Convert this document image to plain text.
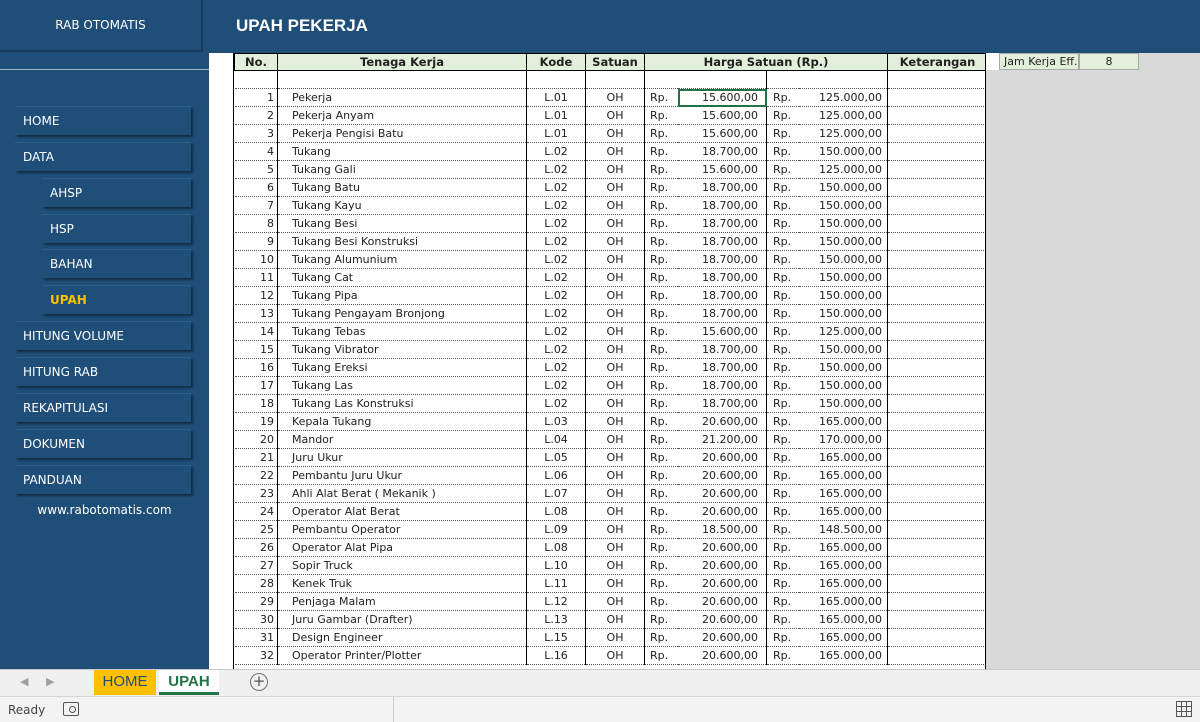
RAB OTOMATIS
HOME
DATA
AHSP
HSP
BAHAN
UPAH
HITUNG VOLUME
HITUNG RAB
REKAPITULASI
DOKUMEN
PANDUAN
www.rabotomatis.com
UPAH PEKERJA
Jam Kerja Eff.	8
No.	Tenaga Kerja	Kode	Satuan	Harga Satuan (Rp.)				Keterangan

1	Pekerja	L.01	OH	Rp.	15.600,00	Rp.	125.000,00	
2	Pekerja Anyam	L.01	OH	Rp.	15.600,00	Rp.	125.000,00	
3	Pekerja Pengisi Batu	L.01	OH	Rp.	15.600,00	Rp.	125.000,00	
4	Tukang	L.02	OH	Rp.	18.700,00	Rp.	150.000,00	
5	Tukang Gali	L.02	OH	Rp.	15.600,00	Rp.	125.000,00	
6	Tukang Batu	L.02	OH	Rp.	18.700,00	Rp.	150.000,00	
7	Tukang Kayu	L.02	OH	Rp.	18.700,00	Rp.	150.000,00	
8	Tukang Besi	L.02	OH	Rp.	18.700,00	Rp.	150.000,00	
9	Tukang Besi Konstruksi	L.02	OH	Rp.	18.700,00	Rp.	150.000,00	
10	Tukang Alumunium	L.02	OH	Rp.	18.700,00	Rp.	150.000,00	
11	Tukang Cat	L.02	OH	Rp.	18.700,00	Rp.	150.000,00	
12	Tukang Pipa	L.02	OH	Rp.	18.700,00	Rp.	150.000,00	
13	Tukang Pengayam Bronjong	L.02	OH	Rp.	18.700,00	Rp.	150.000,00	
14	Tukang Tebas	L.02	OH	Rp.	15.600,00	Rp.	125.000,00	
15	Tukang Vibrator	L.02	OH	Rp.	18.700,00	Rp.	150.000,00	
16	Tukang Ereksi	L.02	OH	Rp.	18.700,00	Rp.	150.000,00	
17	Tukang Las	L.02	OH	Rp.	18.700,00	Rp.	150.000,00	
18	Tukang Las Konstruksi	L.02	OH	Rp.	18.700,00	Rp.	150.000,00	
19	Kepala Tukang	L.03	OH	Rp.	20.600,00	Rp.	165.000,00	
20	Mandor	L.04	OH	Rp.	21.200,00	Rp.	170.000,00	
21	Juru Ukur	L.05	OH	Rp.	20.600,00	Rp.	165.000,00	
22	Pembantu Juru Ukur	L.06	OH	Rp.	20.600,00	Rp.	165.000,00	
23	Ahli Alat Berat ( Mekanik )	L.07	OH	Rp.	20.600,00	Rp.	165.000,00	
24	Operator Alat Berat	L.08	OH	Rp.	20.600,00	Rp.	165.000,00	
25	Pembantu Operator	L.09	OH	Rp.	18.500,00	Rp.	148.500,00	
26	Operator Alat Pipa	L.08	OH	Rp.	20.600,00	Rp.	165.000,00	
27	Sopir Truck	L.10	OH	Rp.	20.600,00	Rp.	165.000,00	
28	Kenek Truk	L.11	OH	Rp.	20.600,00	Rp.	165.000,00	
29	Penjaga Malam	L.12	OH	Rp.	20.600,00	Rp.	165.000,00	
30	Juru Gambar (Drafter)	L.13	OH	Rp.	20.600,00	Rp.	165.000,00	
31	Design Engineer	L.15	OH	Rp.	20.600,00	Rp.	165.000,00	
32	Operator Printer/Plotter	L.16	OH	Rp.	20.600,00	Rp.	165.000,00	
◀ ▶	HOME	UPAH	+
Ready
